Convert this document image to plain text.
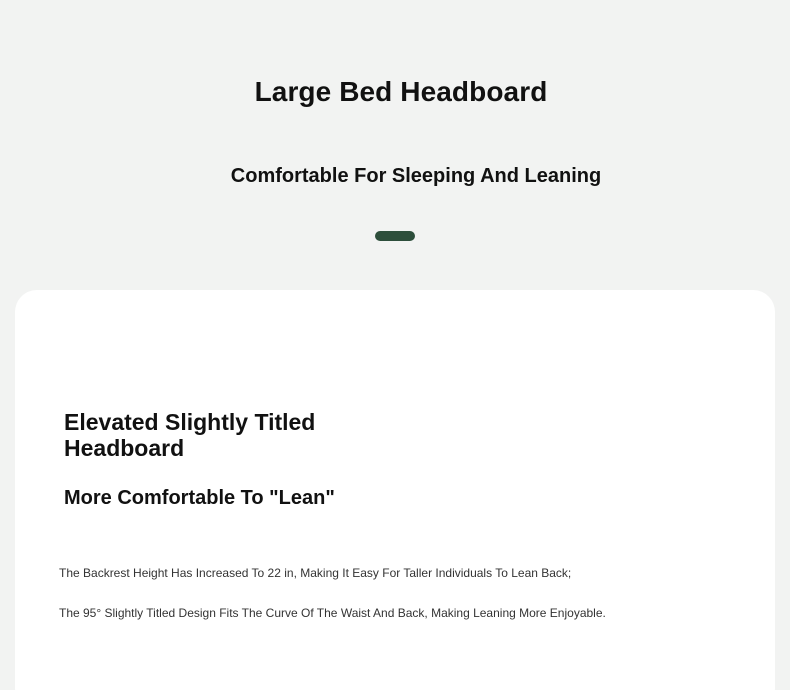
Large Bed Headboard
Comfortable For Sleeping And Leaning
Elevated Slightly Titled Headboard
More Comfortable To "Lean"
The Backrest Height Has Increased To 22 in, Making It Easy For Taller Individuals To Lean Back;
The 95° Slightly Titled Design Fits The Curve Of The Waist And Back, Making Leaning More Enjoyable.
